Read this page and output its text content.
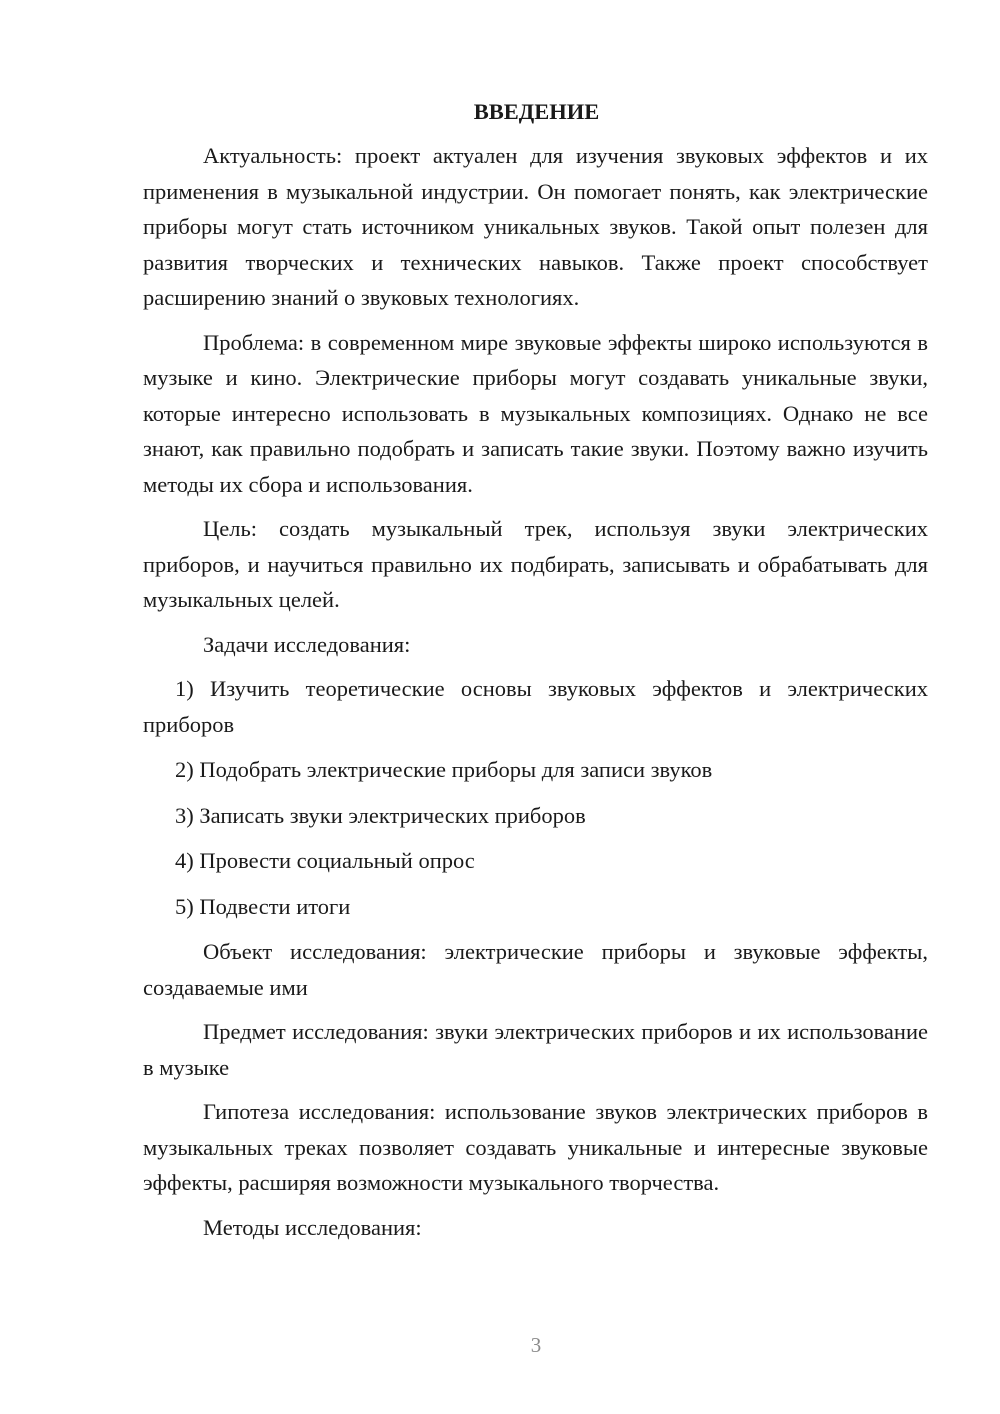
ВВЕДЕНИЕ

Актуальность: проект актуален для изучения звуковых эффектов и их применения в музыкальной индустрии. Он помогает понять, как электрические приборы могут стать источником уникальных звуков. Такой опыт полезен для развития творческих и технических навыков. Также проект способствует расширению знаний о звуковых технологиях.

Проблема: в современном мире звуковые эффекты широко используются в музыке и кино. Электрические приборы могут создавать уникальные звуки, которые интересно использовать в музыкальных композициях. Однако не все знают, как правильно подобрать и записать такие звуки. Поэтому важно изучить методы их сбора и использования.

Цель: создать музыкальный трек, используя звуки электрических приборов, и научиться правильно их подбирать, записывать и обрабатывать для музыкальных целей.

Задачи исследования:

1) Изучить теоретические основы звуковых эффектов и электрических приборов

2) Подобрать электрические приборы для записи звуков

3) Записать звуки электрических приборов

4) Провести социальный опрос

5) Подвести итоги

Объект исследования: электрические приборы и звуковые эффекты, создаваемые ими

Предмет исследования: звуки электрических приборов и их использование в музыке

Гипотеза исследования: использование звуков электрических приборов в музыкальных треках позволяет создавать уникальные и интересные звуковые эффекты, расширяя возможности музыкального творчества.

Методы исследования:

3
